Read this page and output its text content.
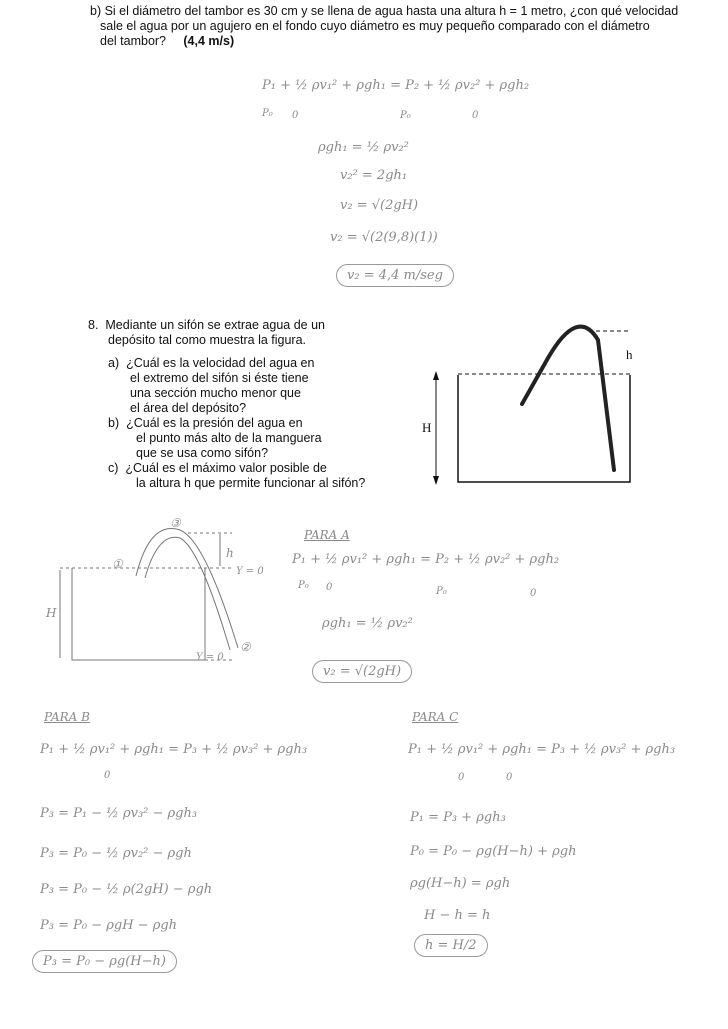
b) Si el diámetro del tambor es 30 cm y se llena de agua hasta una altura h = 1 metro, ¿con qué velocidad
sale el agua por un agujero en el fondo cuyo diámetro es muy pequeño comparado con el diámetro
del tambor? (4,4 m/s)
P₁ + ½ ρv₁² + ρgh₁ = P₂ + ½ ρv₂² + ρgh₂
P₀ 0	P₀	0
ρgh₁ = ½ ρv₂²
v₂² = 2gh₁
v₂ = √(2gH)
v₂ = √(2(9,8)(1))
v₂ = 4,4 m/seg
8. Mediante un sifón se extrae agua de un
depósito tal como muestra la figura.
a) ¿Cuál es la velocidad del agua en
el extremo del sifón si éste tiene
una sección mucho menor que
el área del depósito?
b) ¿Cuál es la presión del agua en
el punto más alto de la manguera
que se usa como sifón?
c) ¿Cuál es el máximo valor posible de
la altura h que permite funcionar al sifón?
h
H
①
②
③
h
H
Y = 0
Y = 0
PARA A
P₁ + ½ ρv₁² + ρgh₁ = P₂ + ½ ρv₂² + ρgh₂
P₀ 0	P₀	0
ρgh₁ = ½ ρv₂²
v₂ = √(2gH)
PARA B
P₁ + ½ ρv₁² + ρgh₁ = P₃ + ½ ρv₃² + ρgh₃
0
P₃ = P₁ − ½ ρv₃² − ρgh₃
P₃ = P₀ − ½ ρv₂² − ρgh
P₃ = P₀ − ½ ρ(2gH) − ρgh
P₃ = P₀ − ρgH − ρgh
P₃ = P₀ − ρg(H−h)
PARA C
P₁ + ½ ρv₁² + ρgh₁ = P₃ + ½ ρv₃² + ρgh₃
0	0
P₁ = P₃ + ρgh₃
P₀ = P₀ − ρg(H−h) + ρgh
ρg(H−h) = ρgh
H − h = h
h = H/2
